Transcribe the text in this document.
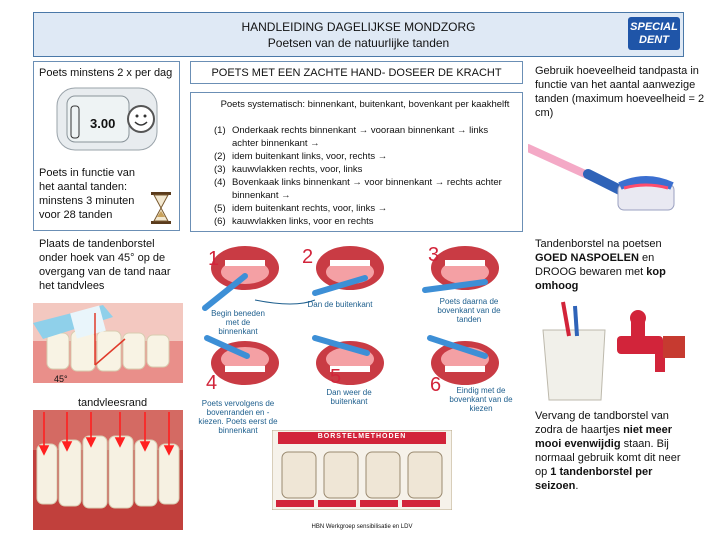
HANDLEIDING DAGELIJKSE MONDZORG
Poetsen van de natuurlijke tanden
SPECIAL
DENT
Poets minstens 2 x per dag
3.00
Poets in functie van het aantal tanden: minstens 3 minuten voor 28 tanden
Plaats de tandenborstel onder hoek van 45° op de overgang van de tand naar het tandvlees
45°
tandvleesrand
POETS MET EEN ZACHTE HAND- DOSEER DE KRACHT
Poets systematisch: binnenkant, buitenkant, bovenkant per kaakhelft
(1) Onderkaak rechts binnenkant → vooraan binnenkant → links achter binnenkant →
(2) idem buitenkant links, voor, rechts →
(3) kauwvlakken rechts, voor, links
(4) Bovenkaak links binnenkant → voor binnenkant → rechts achter binnenkant →
(5) idem buitenkant rechts, voor, links →
(6) kauwvlakken links, voor en rechts
1	2	3
4	5	6
Begin beneden met de binnenkant
Dan de buitenkant	Poets daarna de bovenkant van de tanden
Poets vervolgens de bovenranden en -kiezen. Poets eerst de binnenkant
Dan weer de buitenkant
Eindig met de bovenkant van de kiezen
BORSTELMETHODEN
HBN Werkgroep sensibilisatie en LDV
Gebruik hoeveelheid tandpasta in functie van het aantal aanwezige tanden (maximum hoeveelheid = 2 cm)
Tandenborstel na poetsen GOED NASPOELEN en DROOG bewaren met kop omhoog
Vervang de tandborstel van zodra de haartjes niet meer mooi evenwijdig staan. Bij normaal gebruik komt dit neer op 1 tandenborstel per seizoen.
